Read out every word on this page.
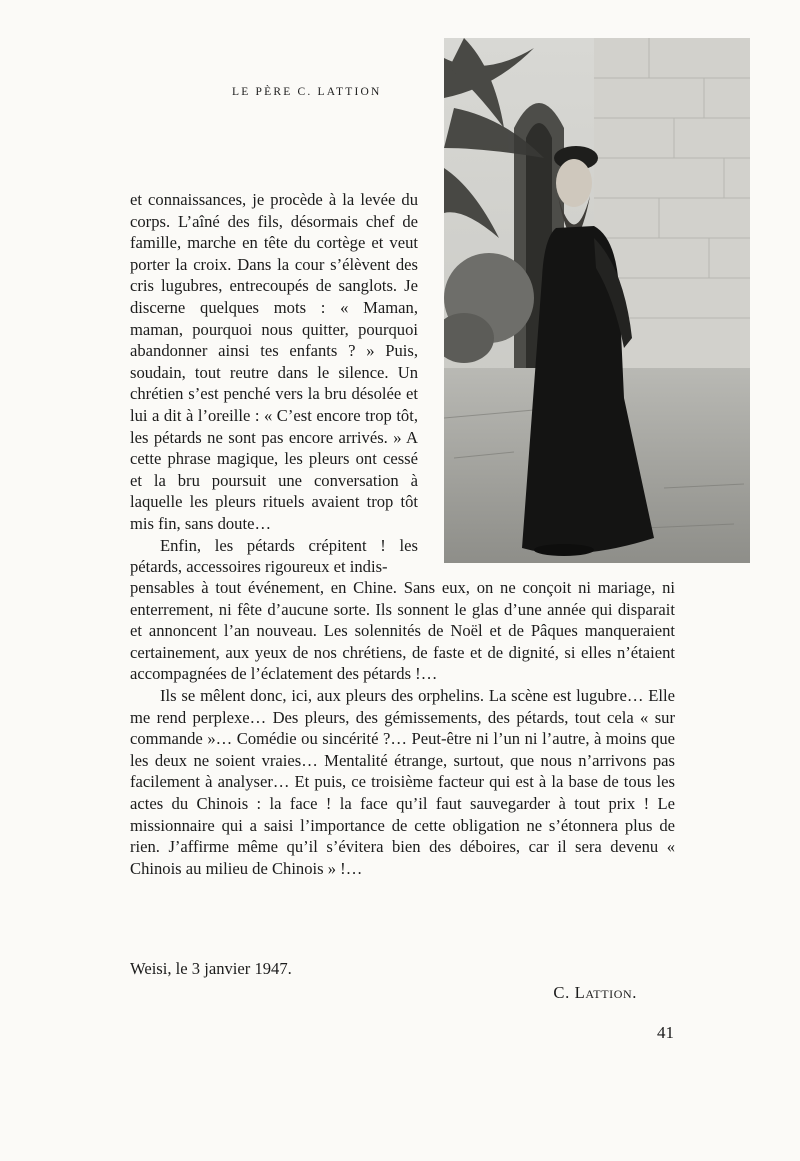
LE PÈRE C. LATTION

et connaissances, je procède à la levée du corps. L’aîné des fils, désormais chef de famille, marche en tête du cortège et veut porter la croix. Dans la cour s’élèvent des cris lugubres, entrecoupés de sanglots. Je discerne quelques mots : « Maman, maman, pourquoi nous quitter, pourquoi abandonner ainsi tes enfants ? » Puis, soudain, tout reutre dans le silence. Un chrétien s’est penché vers la bru désolée et lui a dit à l’oreille : « C’est encore trop tôt, les pétards ne sont pas encore arrivés. » A cette phrase magique, les pleurs ont cessé et la bru poursuit une conversation à laquelle les pleurs rituels avaient trop tôt mis fin, sans doute…

Enfin, les pétards crépitent ! les pétards, accessoires rigoureux et indis-

pensables à tout événement, en Chine. Sans eux, on ne conçoit ni mariage, ni enterrement, ni fête d’aucune sorte. Ils sonnent le glas d’une année qui disparait et annoncent l’an nouveau. Les solennités de Noël et de Pâques manqueraient certainement, aux yeux de nos chrétiens, de faste et de dignité, si elles n’étaient accompagnées de l’éclatement des pétards !…

Ils se mêlent donc, ici, aux pleurs des orphelins. La scène est lugubre… Elle me rend perplexe… Des pleurs, des gémissements, des pétards, tout cela « sur commande »… Comédie ou sincérité ?… Peut-être ni l’un ni l’autre, à moins que les deux ne soient vraies… Mentalité étrange, surtout, que nous n’arrivons pas facilement à analyser… Et puis, ce troisième facteur qui est à la base de tous les actes du Chinois : la face ! la face qu’il faut sauvegarder à tout prix ! Le missionnaire qui a saisi l’importance de cette obligation ne s’étonnera plus de rien. J’affirme même qu’il s’évitera bien des déboires, car il sera devenu « Chinois au milieu de Chinois » !…

Weisi, le 3 janvier 1947.
C. Lattion.
41
